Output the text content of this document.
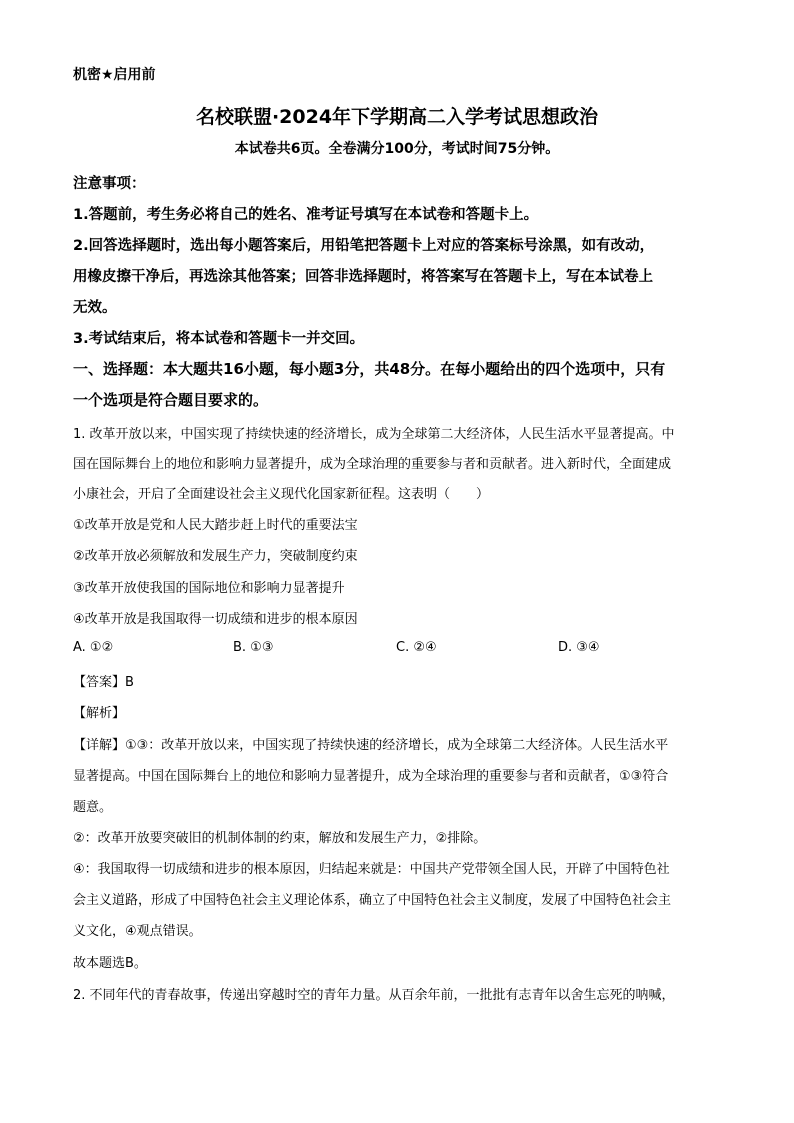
机密★启用前
名校联盟·2024年下学期高二入学考试思想政治
本试卷共6页。全卷满分100分，考试时间75分钟。
注意事项：
1.答题前，考生务必将自己的姓名、准考证号填写在本试卷和答题卡上。
2.回答选择题时，选出每小题答案后，用铅笔把答题卡上对应的答案标号涂黑，如有改动，
用橡皮擦干净后，再选涂其他答案；回答非选择题时，将答案写在答题卡上，写在本试卷上
无效。
3.考试结束后，将本试卷和答题卡一并交回。
一、选择题：本大题共16小题，每小题3分，共48分。在每小题给出的四个选项中，只有
一个选项是符合题目要求的。
1. 改革开放以来，中国实现了持续快速的经济增长，成为全球第二大经济体，人民生活水平显著提高。中
国在国际舞台上的地位和影响力显著提升，成为全球治理的重要参与者和贡献者。进入新时代，全面建成
小康社会，开启了全面建设社会主义现代化国家新征程。这表明（　　）
①改革开放是党和人民大踏步赶上时代的重要法宝
②改革开放必须解放和发展生产力，突破制度约束
③改革开放使我国的国际地位和影响力显著提升
④改革开放是我国取得一切成绩和进步的根本原因
A. ①②	B. ①③	C. ②④	D. ③④
【答案】B
【解析】
【详解】①③：改革开放以来，中国实现了持续快速的经济增长，成为全球第二大经济体。人民生活水平
显著提高。中国在国际舞台上的地位和影响力显著提升，成为全球治理的重要参与者和贡献者，①③符合
题意。
②：改革开放要突破旧的机制体制的约束，解放和发展生产力，②排除。
④：我国取得一切成绩和进步的根本原因，归结起来就是：中国共产党带领全国人民，开辟了中国特色社
会主义道路，形成了中国特色社会主义理论体系，确立了中国特色社会主义制度，发展了中国特色社会主
义文化，④观点错误。
故本题选B。
2. 不同年代的青春故事，传递出穿越时空的青年力量。从百余年前，一批批有志青年以舍生忘死的呐喊，
